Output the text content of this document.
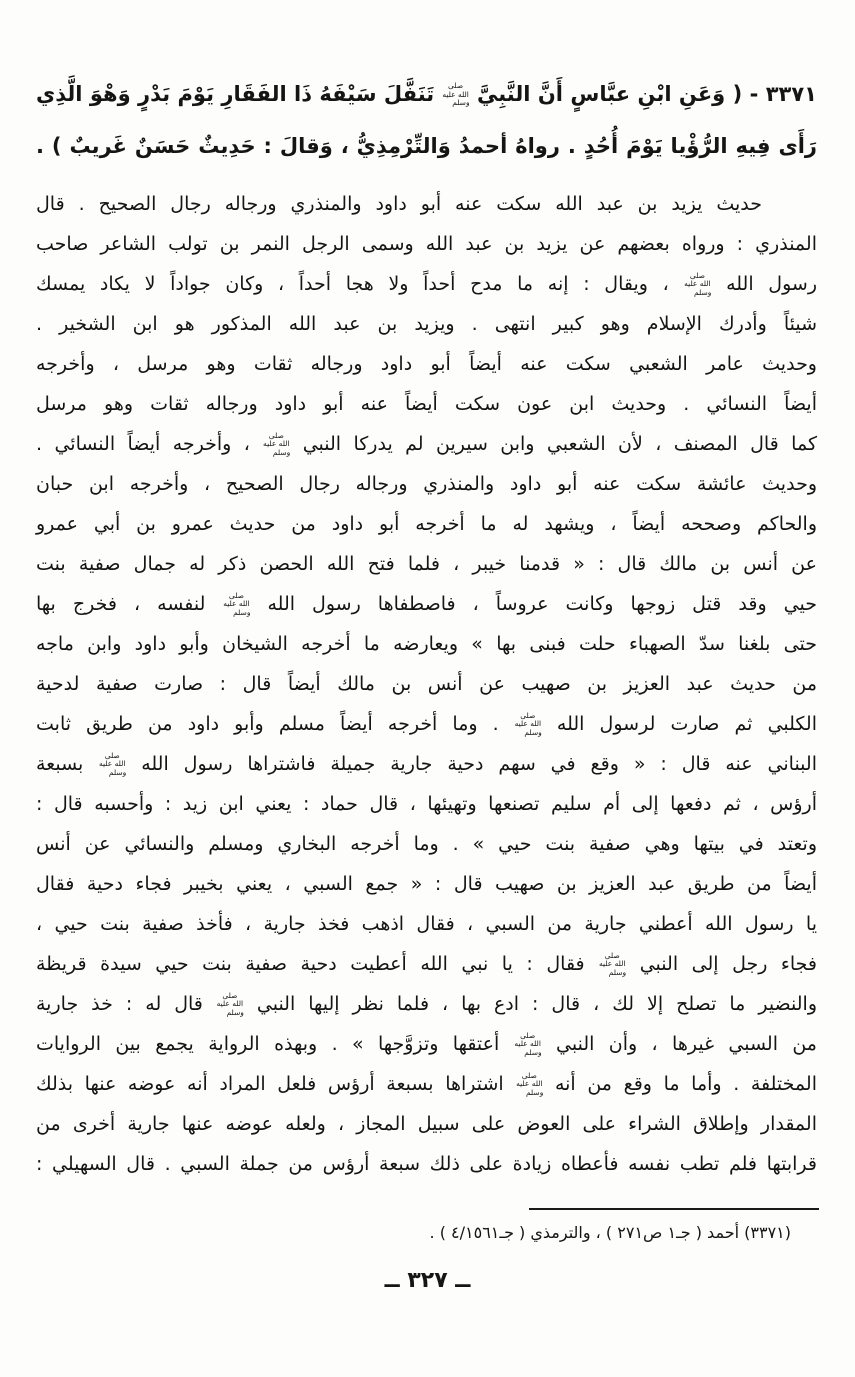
٣٣٧١ - ( وَعَنِ ابْنِ عبَّاسٍ أَنَّ النَّبِيَّ صلى الله عليه وسلم تَنَفَّلَ سَيْفَهُ ذَا الفَقَارِ يَوْمَ بَدْرٍ وَهْوَ الَّذِي
رَأَى فِيهِ الرُّؤْيا يَوْمَ أُحُدٍ . رواهُ أحمدُ وَالتِّرْمِذِيُّ ، وَقالَ : حَدِيثٌ حَسَنٌ غَريبٌ ) .
حديث يزيد بن عبد الله سكت عنه أبو داود والمنذري ورجاله رجال الصحيح . قال
المنذري : ورواه بعضهم عن يزيد بن عبد الله وسمى الرجل النمر بن تولب الشاعر صاحب
رسول الله صلى الله عليه وسلم ، ويقال : إنه ما مدح أحداً ولا هجا أحداً ، وكان جواداً لا يكاد يمسك
شيئاً وأدرك الإسلام وهو كبير انتهى . ويزيد بن عبد الله المذكور هو ابن الشخير .
وحديث عامر الشعبي سكت عنه أيضاً أبو داود ورجاله ثقات وهو مرسل ، وأخرجه
أيضاً النسائي . وحديث ابن عون سكت أيضاً عنه أبو داود ورجاله ثقات وهو مرسل
كما قال المصنف ، لأن الشعبي وابن سيرين لم يدركا النبي صلى الله عليه وسلم ، وأخرجه أيضاً النسائي .
وحديث عائشة سكت عنه أبو داود والمنذري ورجاله رجال الصحيح ، وأخرجه ابن حبان
والحاكم وصححه أيضاً ، ويشهد له ما أخرجه أبو داود من حديث عمرو بن أبي عمرو
عن أنس بن مالك قال : « قدمنا خيبر ، فلما فتح الله الحصن ذكر له جمال صفية بنت
حيي وقد قتل زوجها وكانت عروساً ، فاصطفاها رسول الله صلى الله عليه وسلم لنفسه ، فخرج بها
حتى بلغنا سدّ الصهباء حلت فبنى بها » ويعارضه ما أخرجه الشيخان وأبو داود وابن ماجه
من حديث عبد العزيز بن صهيب عن أنس بن مالك أيضاً قال : صارت صفية لدحية
الكلبي ثم صارت لرسول الله صلى الله عليه وسلم . وما أخرجه أيضاً مسلم وأبو داود من طريق ثابت
البناني عنه قال : « وقع في سهم دحية جارية جميلة فاشتراها رسول الله صلى الله عليه وسلم بسبعة
أرؤس ، ثم دفعها إلى أم سليم تصنعها وتهيئها ، قال حماد : يعني ابن زيد : وأحسبه قال :
وتعتد في بيتها وهي صفية بنت حيي » . وما أخرجه البخاري ومسلم والنسائي عن أنس
أيضاً من طريق عبد العزيز بن صهيب قال : « جمع السبي ، يعني بخيبر فجاء دحية فقال
يا رسول الله أعطني جارية من السبي ، فقال اذهب فخذ جارية ، فأخذ صفية بنت حيي ،
فجاء رجل إلى النبي صلى الله عليه وسلم فقال : يا نبي الله أعطيت دحية صفية بنت حيي سيدة قريظة
والنضير ما تصلح إلا لك ، قال : ادع بها ، فلما نظر إليها النبي صلى الله عليه وسلم قال له : خذ جارية
من السبي غيرها ، وأن النبي صلى الله عليه وسلم أعتقها وتزوَّجها » . وبهذه الرواية يجمع بين الروايات
المختلفة . وأما ما وقع من أنه صلى الله عليه وسلم اشتراها بسبعة أرؤس فلعل المراد أنه عوضه عنها بذلك
المقدار وإطلاق الشراء على العوض على سبيل المجاز ، ولعله عوضه عنها جارية أخرى من
قرابتها فلم تطب نفسه فأعطاه زيادة على ذلك سبعة أرؤس من جملة السبي . قال السهيلي :
(٣٣٧١) أحمد ( جـ١ ص٢٧١ ) ، والترمذي ( جـ٤/١٥٦١ ) .
ــ ٣٢٧ ــ
